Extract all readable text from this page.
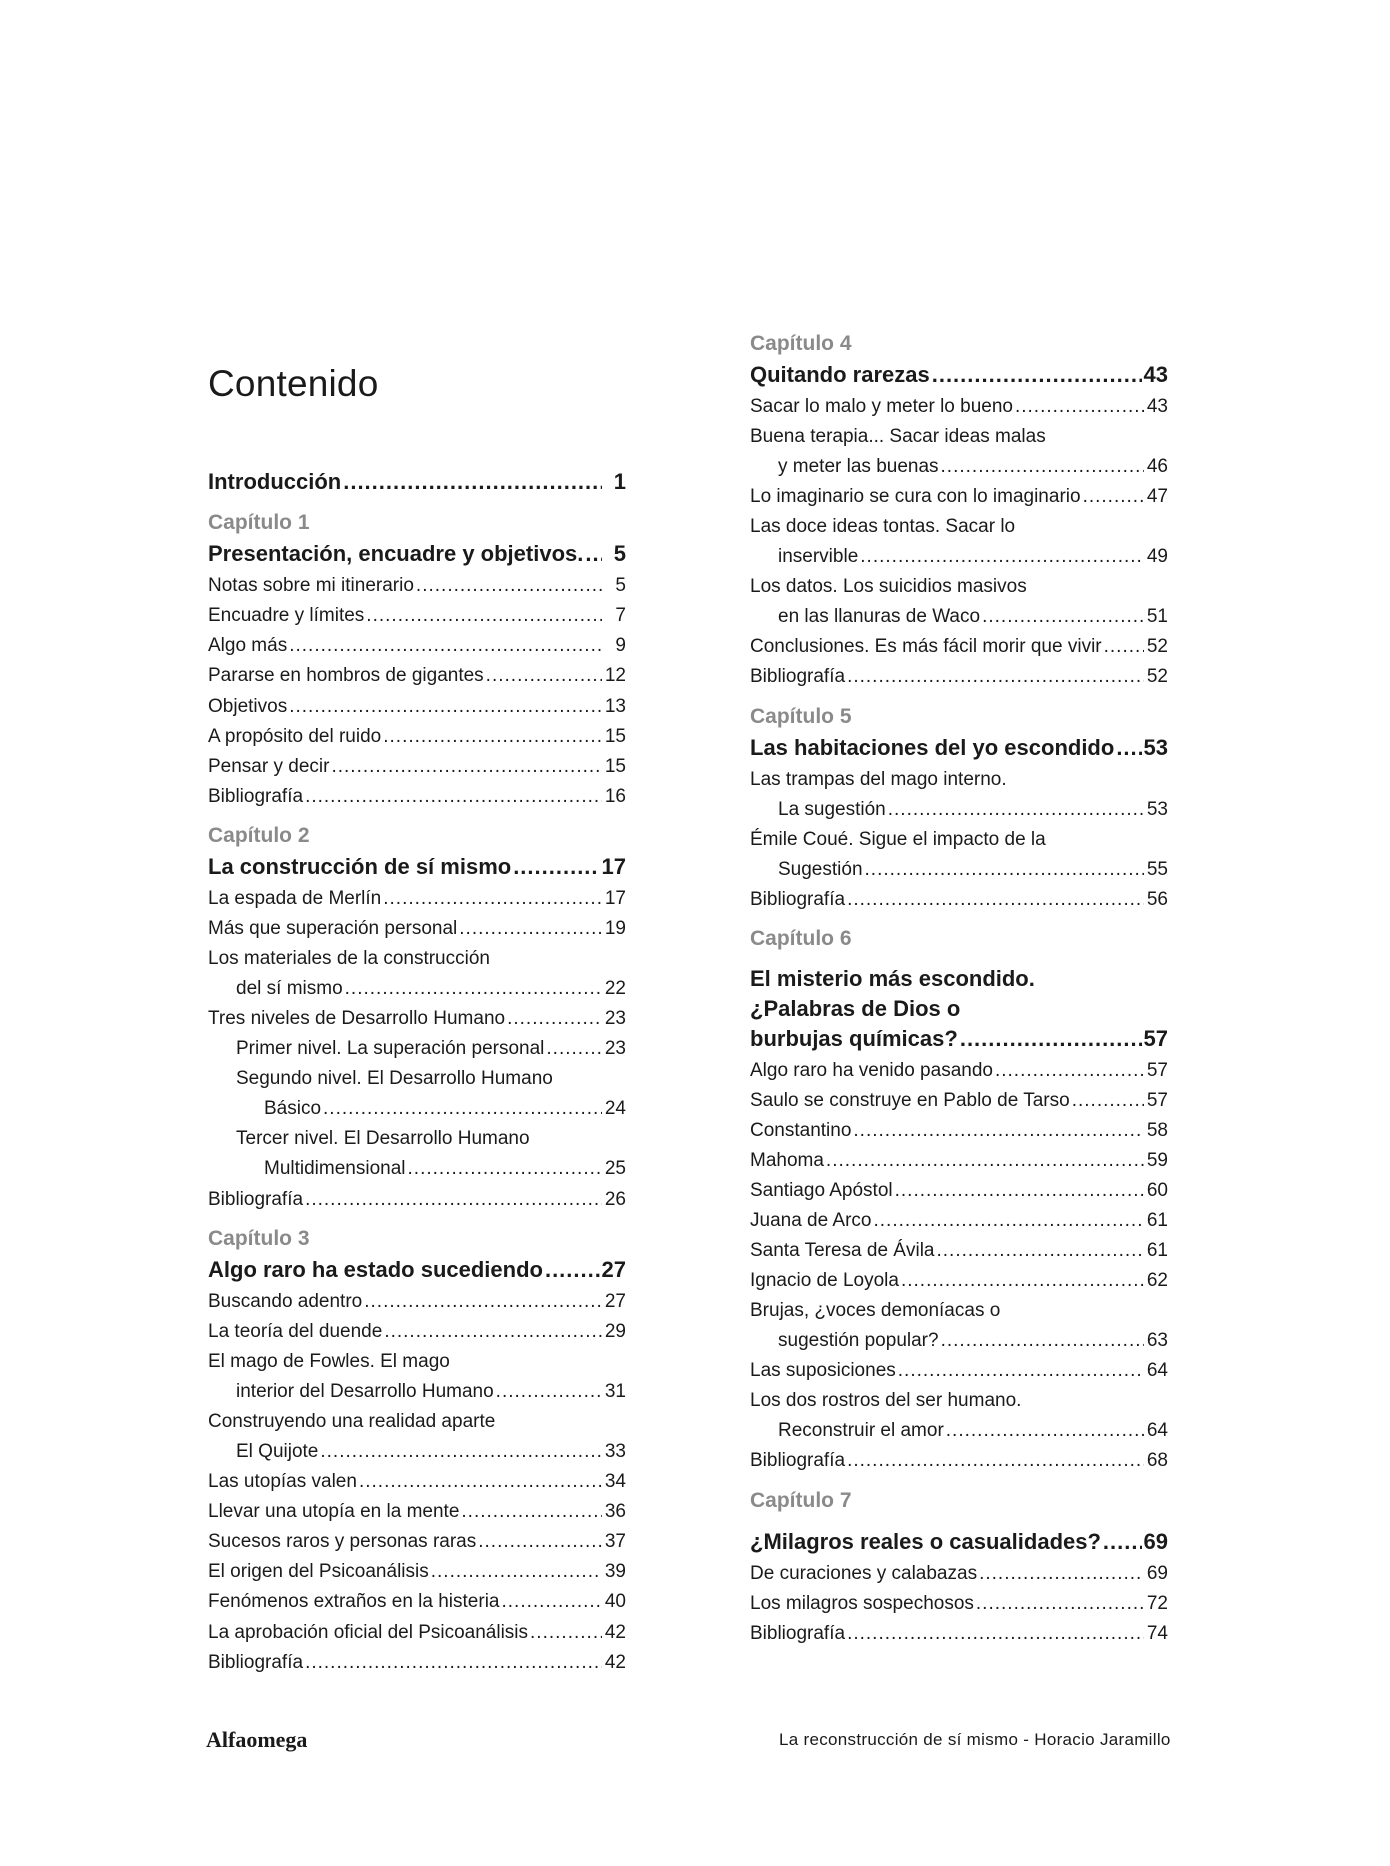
Contenido
Introducción .....	1
Capítulo 1
Presentación, encuadre y objetivos. .....	5
Notas sobre mi itinerario .....	5
Encuadre y límites .....	7
Algo más .....	9
Pararse en hombros de gigantes .....	12
Objetivos .....	13
A propósito del ruido .....	15
Pensar y decir .....	15
Bibliografía .....	16
Capítulo 2
La construcción de sí mismo .....	17
La espada de Merlín .....	17
Más que superación personal .....	19
Los materiales de la construcción
del sí mismo .....	22
Tres niveles de Desarrollo Humano .....	23
Primer nivel. La superación personal .....	23
Segundo nivel. El Desarrollo Humano
Básico .....	24
Tercer nivel. El Desarrollo Humano
Multidimensional .....	25
Bibliografía .....	26
Capítulo 3
Algo raro ha estado sucediendo .....	27
Buscando adentro .....	27
La teoría del duende .....	29
El mago de Fowles. El mago
interior del Desarrollo Humano .....	31
Construyendo una realidad aparte
El Quijote .....	33
Las utopías valen .....	34
Llevar una utopía en la mente .....	36
Sucesos raros y personas raras .....	37
El origen del Psicoanálisis .....	39
Fenómenos extraños en la histeria .....	40
La aprobación oficial del Psicoanálisis .....	42
Bibliografía .....	42
Capítulo 4
Quitando rarezas .....	43
Sacar lo malo y meter lo bueno .....	43
Buena terapia... Sacar ideas malas
y meter las buenas .....	46
Lo imaginario se cura con lo imaginario .....	47
Las doce ideas tontas. Sacar lo
inservible .....	49
Los datos. Los suicidios masivos
en las llanuras de Waco .....	51
Conclusiones. Es más fácil morir que vivir ..... 52
Bibliografía .....	52
Capítulo 5
Las habitaciones del yo escondido ..... 53
Las trampas del mago interno.
La sugestión .....	53
Émile Coué. Sigue el impacto de la
Sugestión .....	55
Bibliografía .....	56
Capítulo 6
El misterio más escondido.
¿Palabras de Dios o
burbujas químicas? .....	57
Algo raro ha venido pasando .....	57
Saulo se construye en Pablo de Tarso .....	57
Constantino .....	58
Mahoma .....	59
Santiago Apóstol .....	60
Juana de Arco .....	61
Santa Teresa de Ávila .....	61
Ignacio de Loyola .....	62
Brujas, ¿voces demoníacas o
sugestión popular? .....	63
Las suposiciones .....	64
Los dos rostros del ser humano.
Reconstruir el amor .....	64
Bibliografía .....	68
Capítulo 7
¿Milagros reales o casualidades? ..... 69
De curaciones y calabazas .....	69
Los milagros sospechosos .....	72
Bibliografía .....	74
Alfaomega	La reconstrucción de sí mismo - Horacio Jaramillo
